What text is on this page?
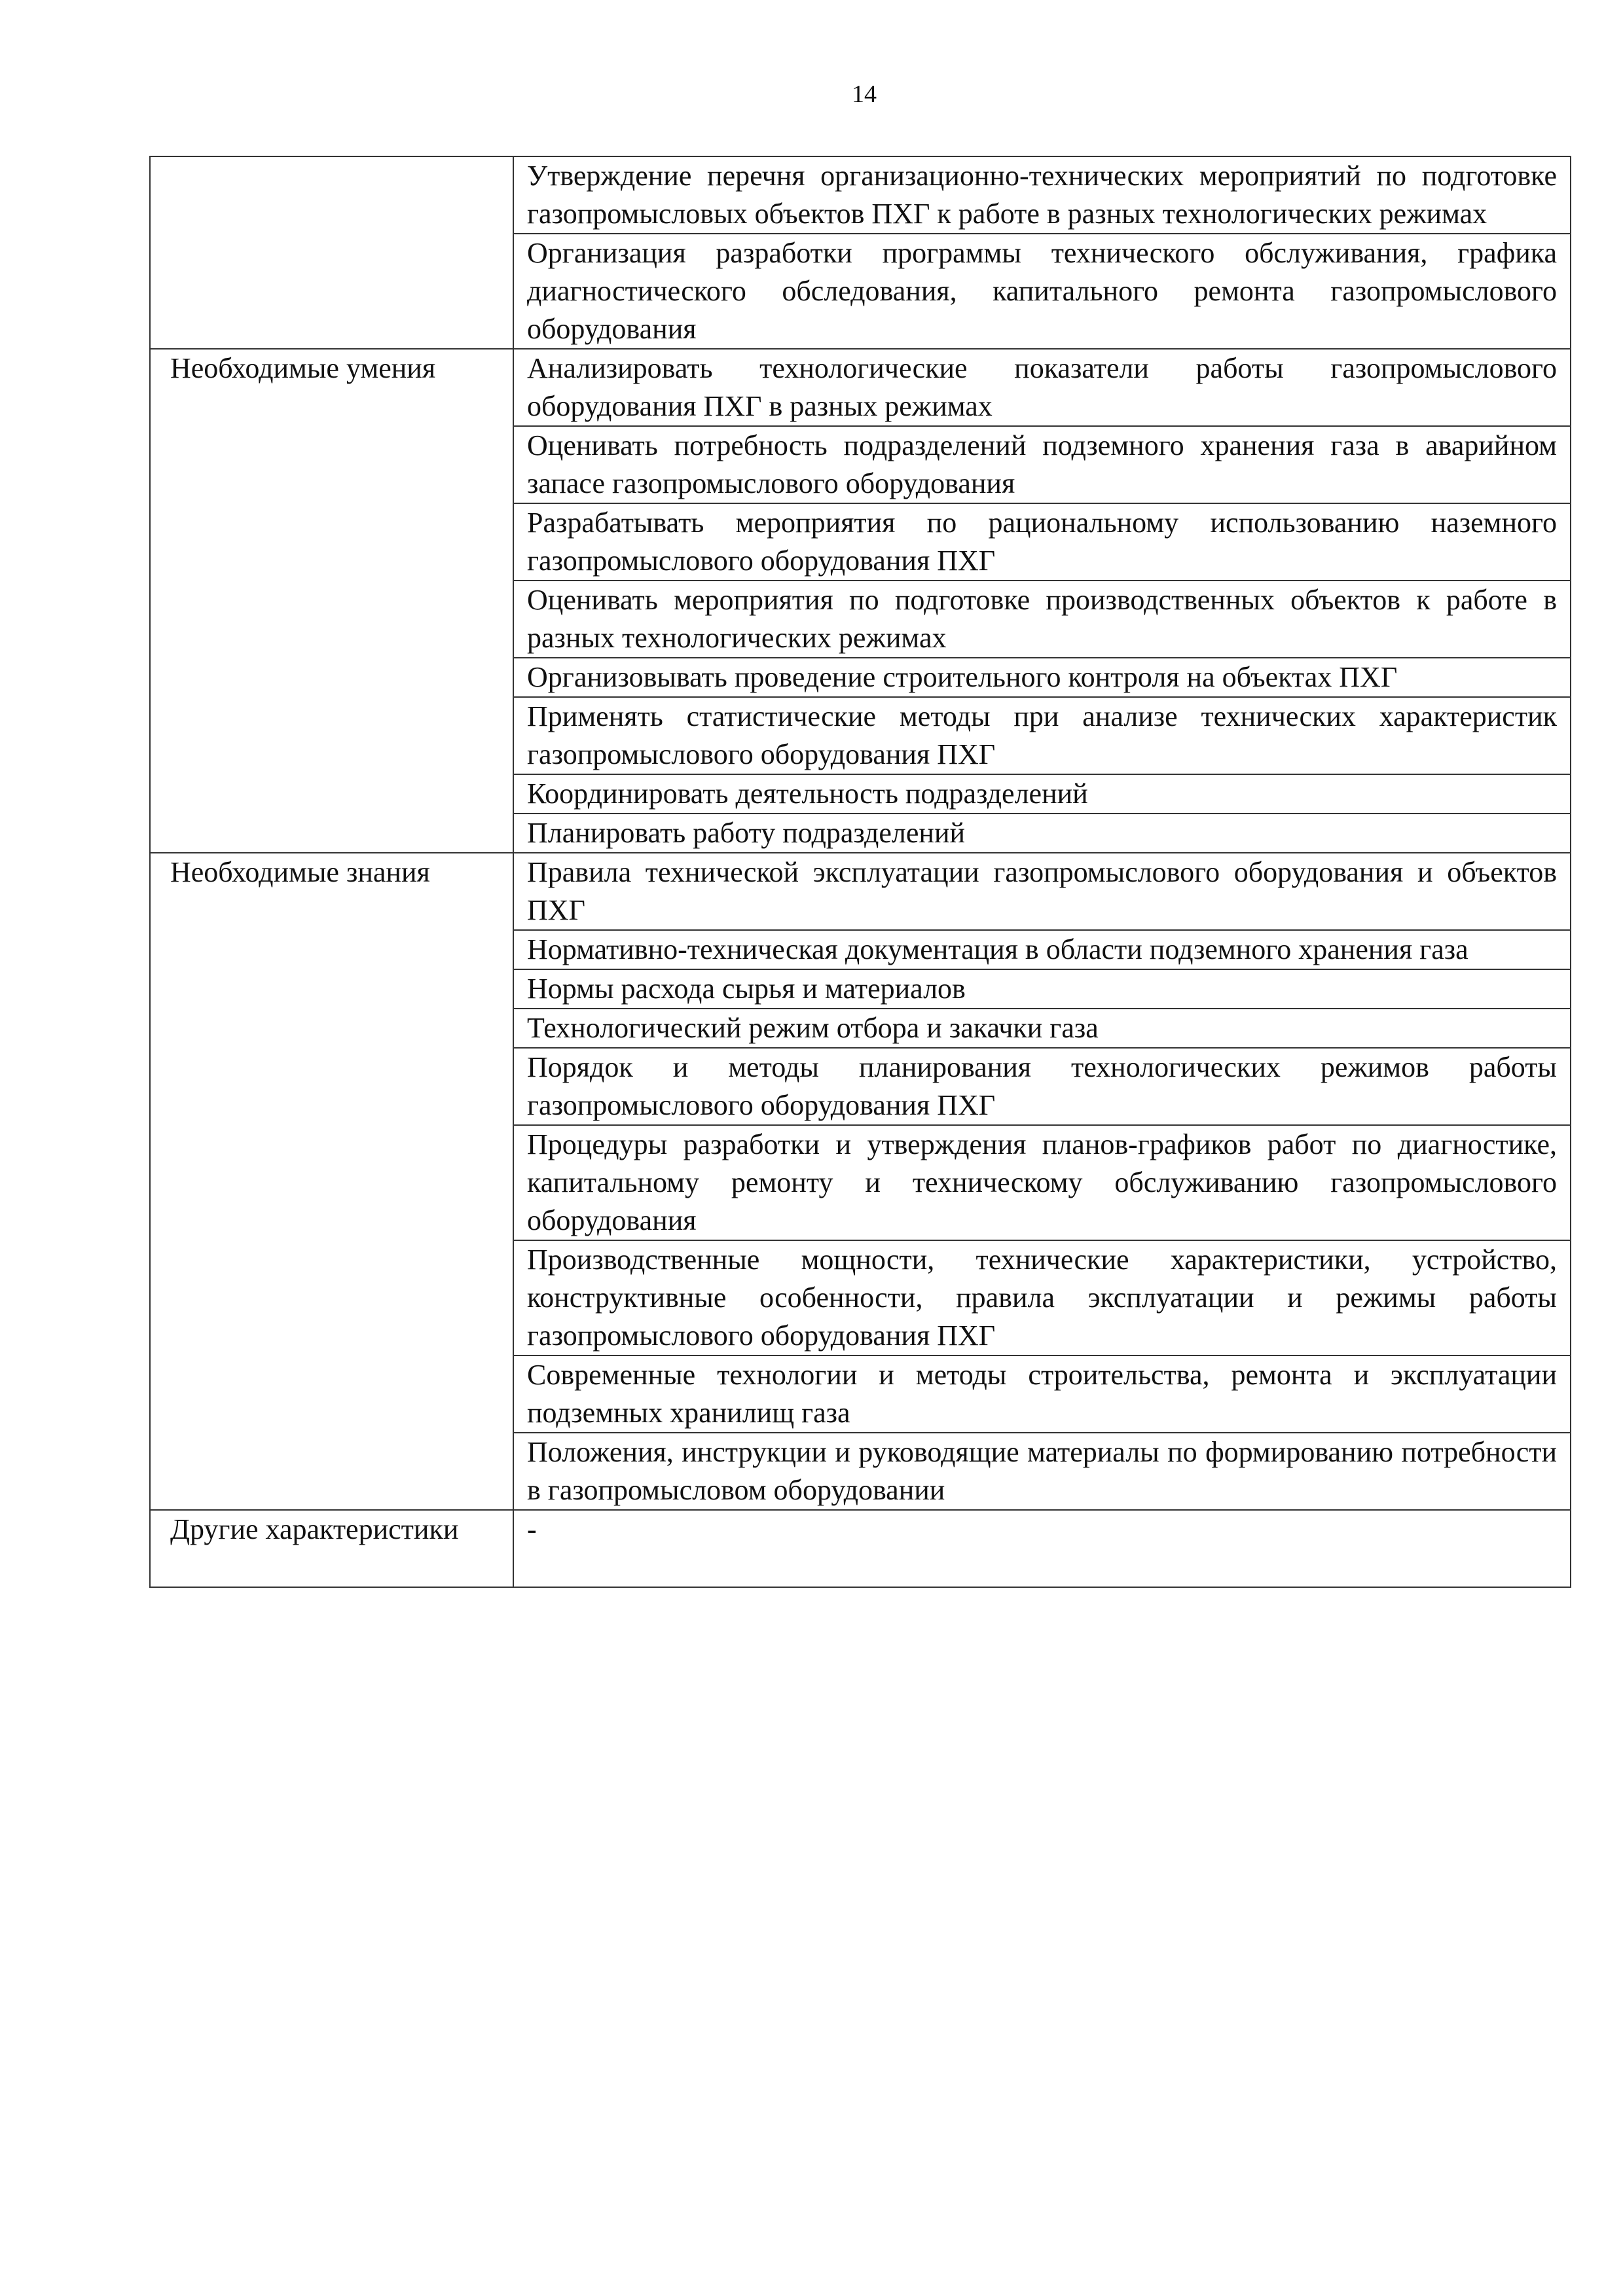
14
	Утверждение перечня организационно-технических мероприятий по подготовке газопромысловых объектов ПХГ к работе в разных технологических режимах
	Организация разработки программы технического обслуживания, графика диагностического обследования, капитального ремонта газопромыслового оборудования
Необходимые умения	Анализировать технологические показатели работы газопромыслового оборудования ПХГ в разных режимах
	Оценивать потребность подразделений подземного хранения газа в аварийном запасе газопромыслового оборудования
	Разрабатывать мероприятия по рациональному использованию наземного газопромыслового оборудования ПХГ
	Оценивать мероприятия по подготовке производственных объектов к работе в разных технологических режимах
	Организовывать проведение строительного контроля на объектах ПХГ
	Применять статистические методы при анализе технических характеристик газопромыслового оборудования ПХГ
	Координировать деятельность подразделений
	Планировать работу подразделений
Необходимые знания	Правила технической эксплуатации газопромыслового оборудования и объектов ПХГ
	Нормативно-техническая документация в области подземного хранения газа
	Нормы расхода сырья и материалов
	Технологический режим отбора и закачки газа
	Порядок и методы планирования технологических режимов работы газопромыслового оборудования ПХГ
	Процедуры разработки и утверждения планов-графиков работ по диагностике, капитальному ремонту и техническому обслуживанию газопромыслового оборудования
	Производственные мощности, технические характеристики, устройство, конструктивные особенности, правила эксплуатации и режимы работы газопромыслового оборудования ПХГ
	Современные технологии и методы строительства, ремонта и эксплуатации подземных хранилищ газа
	Положения, инструкции и руководящие материалы по формированию потребности в газопромысловом оборудовании
Другие характеристики	-
